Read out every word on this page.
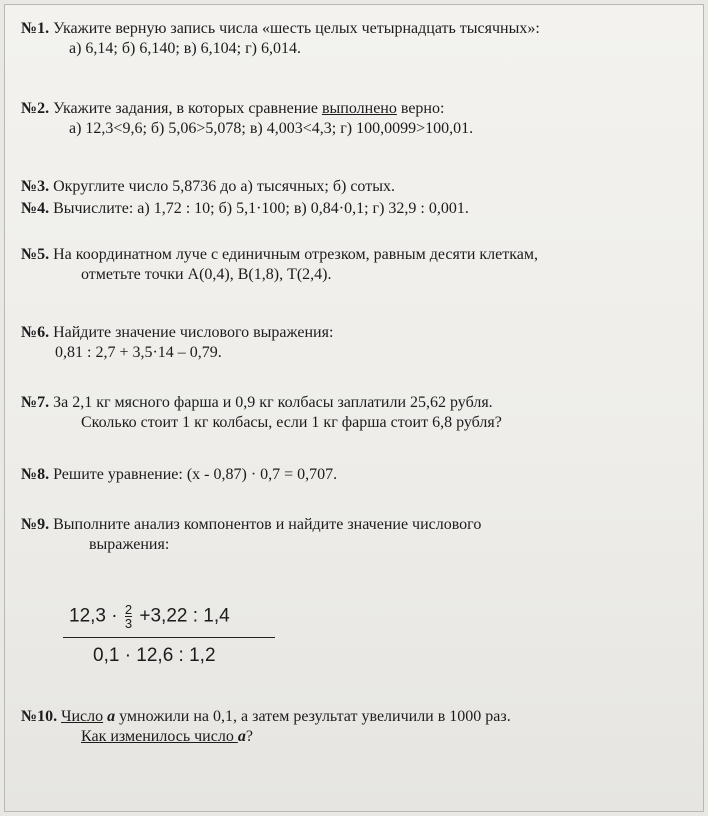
№1. Укажите верную запись числа «шесть целых четырнадцать тысячных»:
а) 6,14; б) 6,140; в) 6,104; г) 6,014.
№2. Укажите задания, в которых сравнение выполнено верно:
а) 12,3<9,6; б) 5,06>5,078; в) 4,003<4,3; г) 100,0099>100,01.
№3. Округлите число 5,8736 до а) тысячных; б) сотых.
№4. Вычислите: а) 1,72 : 10; б) 5,1·100; в) 0,84·0,1; г) 32,9 : 0,001.
№5. На координатном луче с единичным отрезком, равным десяти клеткам,
отметьте точки А(0,4), В(1,8), Т(2,4).
№6. Найдите значение числового выражения:
0,81 : 2,7 + 3,5·14 – 0,79.
№7. За 2,1 кг мясного фарша и 0,9 кг колбасы заплатили 25,62 рубля.
Сколько стоит 1 кг колбасы, если 1 кг фарша стоит 6,8 рубля?
№8. Решите уравнение: (х - 0,87) · 0,7 = 0,707.
№9. Выполните анализ компонентов и найдите значение числового
выражения:
$12,3 \cdot \frac{2}{3} +3,22$ : 1,4
0,1 · 12,6 : 1,2
№10. Число а умножили на 0,1, а затем результат увеличили в 1000 раз.
Как изменилось число а?
